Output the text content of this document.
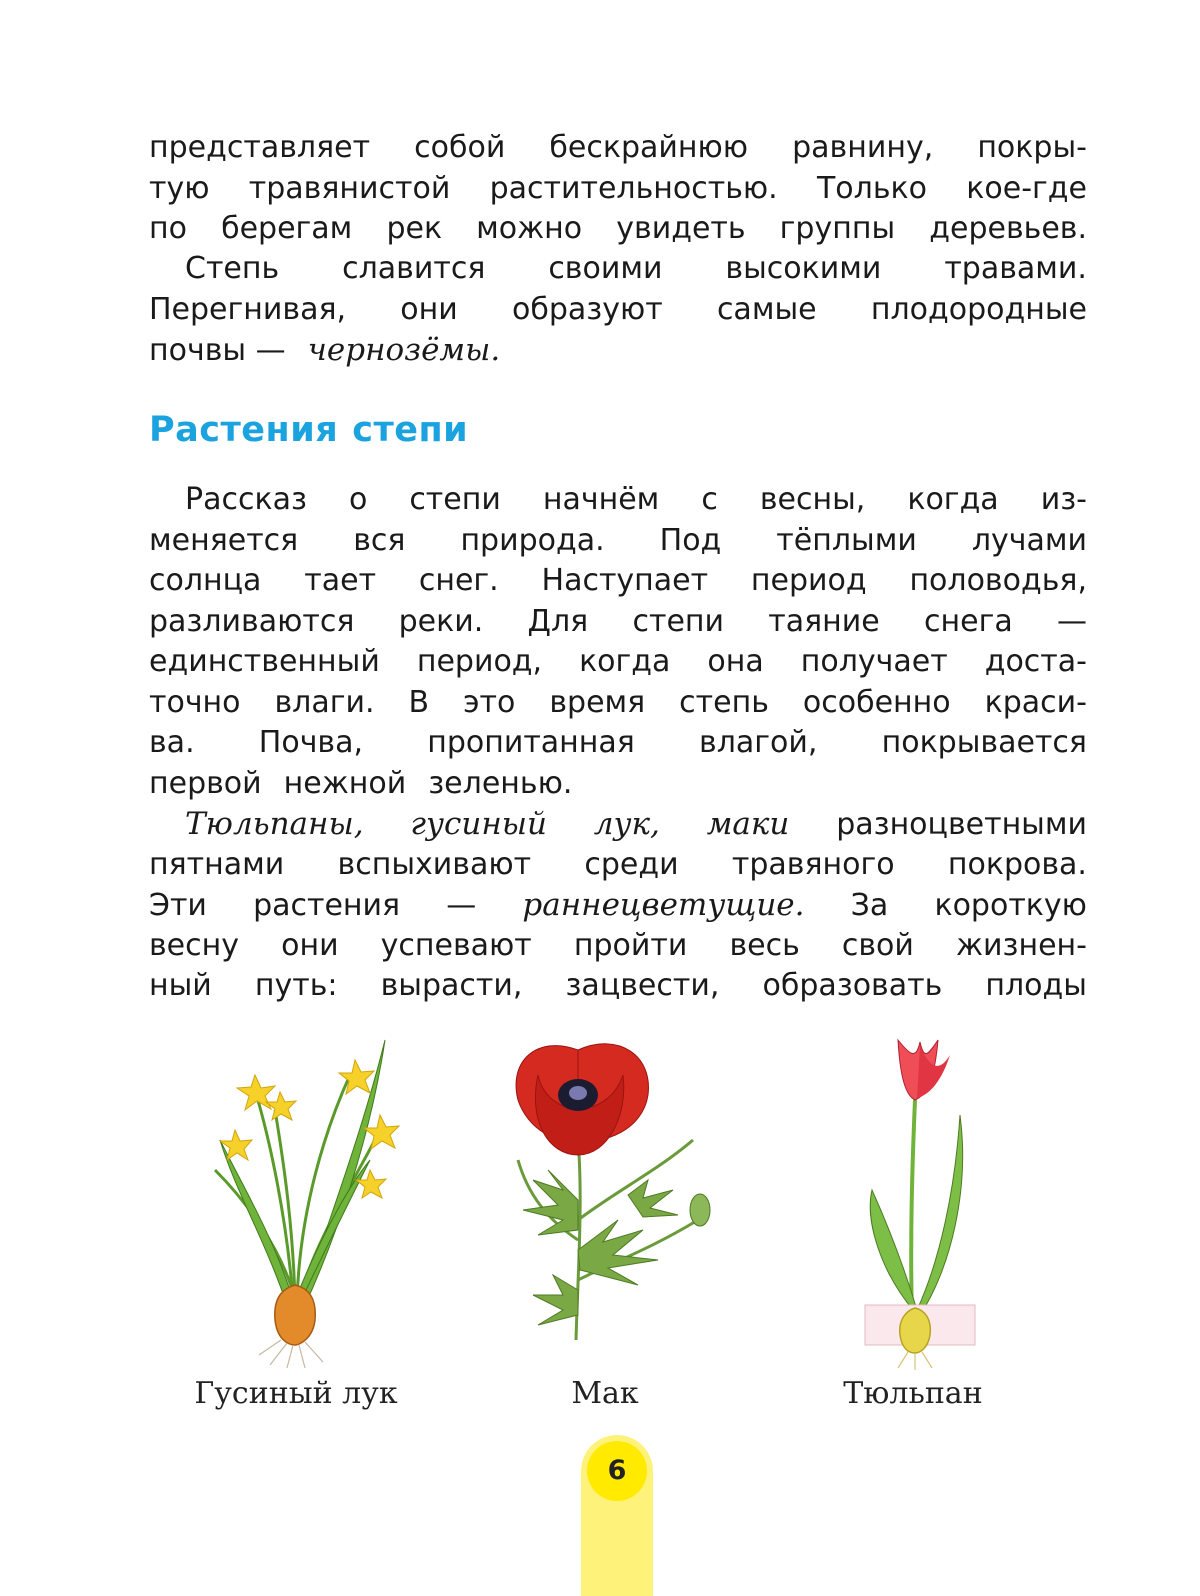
представляет собой бескрайнюю равнину, покры-
тую травянистой растительностью. Только кое-где
по берегам рек можно увидеть группы деревьев.
Степь славится своими высокими травами.
Перегнивая, они образуют самые плодородные
почвы — чернозёмы.
Растения степи
Рассказ о степи начнём с весны, когда из-
меняется вся природа. Под тёплыми лучами
солнца тает снег. Наступает период половодья,
разливаются реки. Для степи таяние снега —
единственный период, когда она получает доста-
точно влаги. В это время степь особенно краси-
ва. Почва, пропитанная влагой, покрывается
первой нежной зеленью.
Тюльпаны, гусиный лук, маки разноцветными
пятнами вспыхивают среди травяного покрова.
Эти растения — раннецветущие. За короткую
весну они успевают пройти весь свой жизнен-
ный путь: вырасти, зацвести, образовать плоды
Гусиный лук	Мак	Тюльпан
6
